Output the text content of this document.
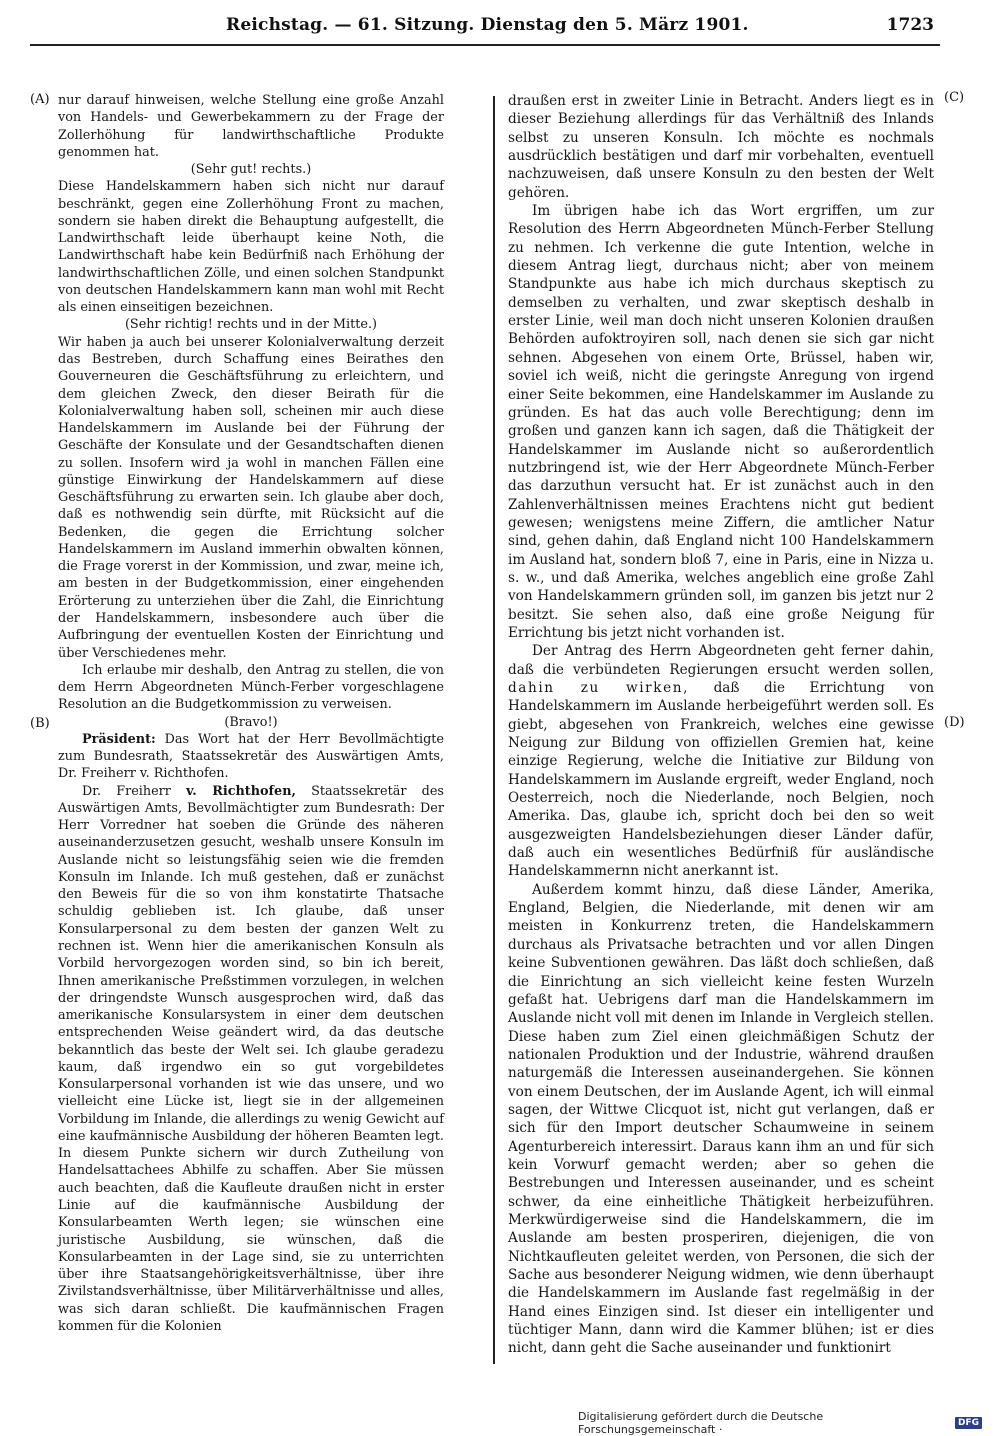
Reichstag. — 61. Sitzung. Dienstag den 5. März 1901.	1723
(A)
(B)
(C)
(D)

nur darauf hinweisen, welche Stellung eine große Anzahl von Handels- und Gewerbekammern zu der Frage der Zollerhöhung für landwirthschaftliche Produkte genommen hat.

(Sehr gut! rechts.)

Diese Handelskammern haben sich nicht nur darauf beschränkt, gegen eine Zollerhöhung Front zu machen, sondern sie haben direkt die Behauptung aufgestellt, die Landwirthschaft leide überhaupt keine Noth, die Landwirthschaft habe kein Bedürfniß nach Erhöhung der landwirthschaftlichen Zölle, und einen solchen Standpunkt von deutschen Handelskammern kann man wohl mit Recht als einen einseitigen bezeichnen.

(Sehr richtig! rechts und in der Mitte.)

Wir haben ja auch bei unserer Kolonialverwaltung derzeit das Bestreben, durch Schaffung eines Beirathes den Gouverneuren die Geschäftsführung zu erleichtern, und dem gleichen Zweck, den dieser Beirath für die Kolonialverwaltung haben soll, scheinen mir auch diese Handelskammern im Auslande bei der Führung der Geschäfte der Konsulate und der Gesandtschaften dienen zu sollen. Insofern wird ja wohl in manchen Fällen eine günstige Einwirkung der Handelskammern auf diese Geschäftsführung zu erwarten sein. Ich glaube aber doch, daß es nothwendig sein dürfte, mit Rücksicht auf die Bedenken, die gegen die Errichtung solcher Handelskammern im Ausland immerhin obwalten können, die Frage vorerst in der Kommission, und zwar, meine ich, am besten in der Budgetkommission, einer eingehenden Erörterung zu unterziehen über die Zahl, die Einrichtung der Handelskammern, insbesondere auch über die Aufbringung der eventuellen Kosten der Einrichtung und über Verschiedenes mehr.

Ich erlaube mir deshalb, den Antrag zu stellen, die von dem Herrn Abgeordneten Münch-Ferber vorgeschlagene Resolution an die Budgetkommission zu verweisen.

(Bravo!)

Präsident: Das Wort hat der Herr Bevollmächtigte zum Bundesrath, Staatssekretär des Auswärtigen Amts, Dr. Freiherr v. Richthofen.

Dr. Freiherr v. Richthofen, Staatssekretär des Auswärtigen Amts, Bevollmächtigter zum Bundesrath: Der Herr Vorredner hat soeben die Gründe des näheren auseinanderzusetzen gesucht, weshalb unsere Konsuln im Auslande nicht so leistungsfähig seien wie die fremden Konsuln im Inlande. Ich muß gestehen, daß er zunächst den Beweis für die so von ihm konstatirte Thatsache schuldig geblieben ist. Ich glaube, daß unser Konsularpersonal zu dem besten der ganzen Welt zu rechnen ist. Wenn hier die amerikanischen Konsuln als Vorbild hervorgezogen worden sind, so bin ich bereit, Ihnen amerikanische Preßstimmen vorzulegen, in welchen der dringendste Wunsch ausgesprochen wird, daß das amerikanische Konsularsystem in einer dem deutschen entsprechenden Weise geändert wird, da das deutsche bekanntlich das beste der Welt sei. Ich glaube geradezu kaum, daß irgendwo ein so gut vorgebildetes Konsularpersonal vorhanden ist wie das unsere, und wo vielleicht eine Lücke ist, liegt sie in der allgemeinen Vorbildung im Inlande, die allerdings zu wenig Gewicht auf eine kaufmännische Ausbildung der höheren Beamten legt. In diesem Punkte sichern wir durch Zutheilung von Handelsattachees Abhilfe zu schaffen. Aber Sie müssen auch beachten, daß die Kaufleute draußen nicht in erster Linie auf die kaufmännische Ausbildung der Konsularbeamten Werth legen; sie wünschen eine juristische Ausbildung, sie wünschen, daß die Konsularbeamten in der Lage sind, sie zu unterrichten über ihre Staatsangehörigkeitsverhältnisse, über ihre Zivilstandsverhältnisse, über Militärverhältnisse und alles, was sich daran schließt. Die kaufmännischen Fragen kommen für die Kolonien

draußen erst in zweiter Linie in Betracht. Anders liegt es in dieser Beziehung allerdings für das Verhältniß des Inlands selbst zu unseren Konsuln. Ich möchte es nochmals ausdrücklich bestätigen und darf mir vorbehalten, eventuell nachzuweisen, daß unsere Konsuln zu den besten der Welt gehören.

Im übrigen habe ich das Wort ergriffen, um zur Resolution des Herrn Abgeordneten Münch-Ferber Stellung zu nehmen. Ich verkenne die gute Intention, welche in diesem Antrag liegt, durchaus nicht; aber von meinem Standpunkte aus habe ich mich durchaus skeptisch zu demselben zu verhalten, und zwar skeptisch deshalb in erster Linie, weil man doch nicht unseren Kolonien draußen Behörden aufoktroyiren soll, nach denen sie sich gar nicht sehnen. Abgesehen von einem Orte, Brüssel, haben wir, soviel ich weiß, nicht die geringste Anregung von irgend einer Seite bekommen, eine Handelskammer im Auslande zu gründen. Es hat das auch volle Berechtigung; denn im großen und ganzen kann ich sagen, daß die Thätigkeit der Handelskammer im Auslande nicht so außerordentlich nutzbringend ist, wie der Herr Abgeordnete Münch-Ferber das darzuthun versucht hat. Er ist zunächst auch in den Zahlenverhältnissen meines Erachtens nicht gut bedient gewesen; wenigstens meine Ziffern, die amtlicher Natur sind, gehen dahin, daß England nicht 100 Handelskammern im Ausland hat, sondern bloß 7, eine in Paris, eine in Nizza u. s. w., und daß Amerika, welches angeblich eine große Zahl von Handelskammern gründen soll, im ganzen bis jetzt nur 2 besitzt. Sie sehen also, daß eine große Neigung für Errichtung bis jetzt nicht vorhanden ist.

Der Antrag des Herrn Abgeordneten geht ferner dahin, daß die verbündeten Regierungen ersucht werden sollen, dahin zu wirken, daß die Errichtung von Handelskammern im Auslande herbeigeführt werden soll. Es giebt, abgesehen von Frankreich, welches eine gewisse Neigung zur Bildung von offiziellen Gremien hat, keine einzige Regierung, welche die Initiative zur Bildung von Handelskammern im Auslande ergreift, weder England, noch Oesterreich, noch die Niederlande, noch Belgien, noch Amerika. Das, glaube ich, spricht doch bei den so weit ausgezweigten Handelsbeziehungen dieser Länder dafür, daß auch ein wesentliches Bedürfniß für ausländische Handelskammernn nicht anerkannt ist.

Außerdem kommt hinzu, daß diese Länder, Amerika, England, Belgien, die Niederlande, mit denen wir am meisten in Konkurrenz treten, die Handelskammern durchaus als Privatsache betrachten und vor allen Dingen keine Subventionen gewähren. Das läßt doch schließen, daß die Einrichtung an sich vielleicht keine festen Wurzeln gefaßt hat. Uebrigens darf man die Handelskammern im Auslande nicht voll mit denen im Inlande in Vergleich stellen. Diese haben zum Ziel einen gleichmäßigen Schutz der nationalen Produktion und der Industrie, während draußen naturgemäß die Interessen auseinandergehen. Sie können von einem Deutschen, der im Auslande Agent, ich will einmal sagen, der Wittwe Clicquot ist, nicht gut verlangen, daß er sich für den Import deutscher Schaumweine in seinem Agenturbereich interessirt. Daraus kann ihm an und für sich kein Vorwurf gemacht werden; aber so gehen die Bestrebungen und Interessen auseinander, und es scheint schwer, da eine einheitliche Thätigkeit herbeizuführen. Merkwürdigerweise sind die Handelskammern, die im Auslande am besten prosperiren, diejenigen, die von Nichtkaufleuten geleitet werden, von Personen, die sich der Sache aus besonderer Neigung widmen, wie denn überhaupt die Handelskammern im Auslande fast regelmäßig in der Hand eines Einzigen sind. Ist dieser ein intelligenter und tüchtiger Mann, dann wird die Kammer blühen; ist er dies nicht, dann geht die Sache auseinander und funktionirt

Digitalisierung gefördert durch die Deutsche Forschungsgemeinschaft ·	DFG
